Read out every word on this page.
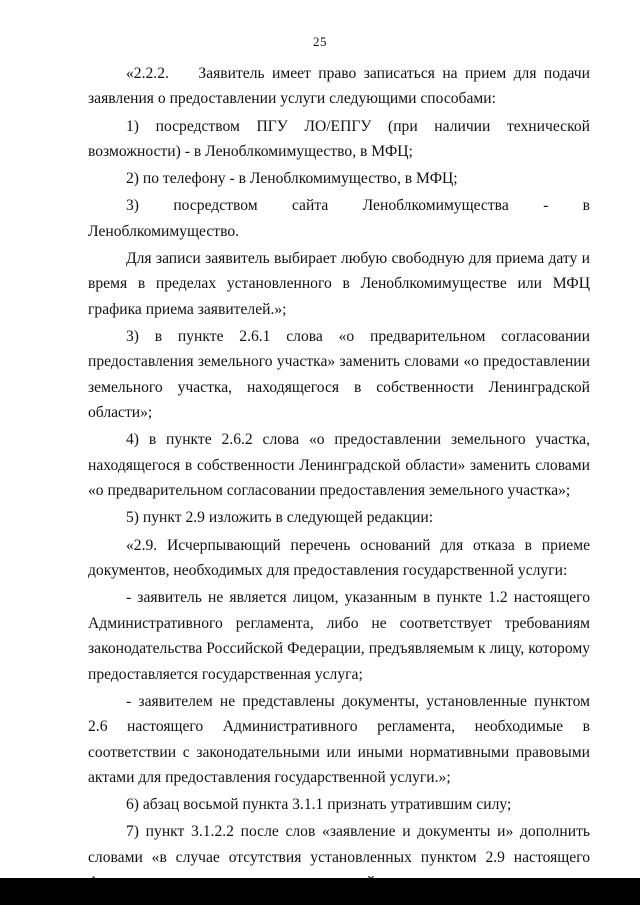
25

«2.2.2.    Заявитель имеет право записаться на прием для подачи заявления о предоставлении услуги следующими способами:

1)   посредством   ПГУ   ЛО/ЕПГУ   (при   наличии   технической возможности) - в Леноблкомимущество, в МФЦ;

2) по телефону - в Леноблкомимущество, в МФЦ;

3) посредством сайта Леноблкомимущества - в Леноблкомимущество.

Для записи заявитель выбирает любую свободную для приема дату и время в пределах установленного в Леноблкомимуществе или МФЦ графика приема заявителей.»;

3)   в   пункте   2.6.1   слова   «о   предварительном   согласовании предоставления земельного участка» заменить словами «о предоставлении земельного участка, находящегося в собственности Ленинградской области»;

4) в пункте 2.6.2 слова «о предоставлении земельного участка, находящегося в собственности Ленинградской области» заменить словами «о предварительном согласовании предоставления земельного участка»;

5) пункт 2.9 изложить в следующей редакции:

«2.9. Исчерпывающий перечень оснований для отказа в приеме документов, необходимых для предоставления государственной услуги:

- заявитель не является лицом, указанным в пункте 1.2 настоящего Административного регламента, либо не соответствует требованиям законодательства Российской Федерации, предъявляемым к лицу, которому предоставляется государственная услуга;

- заявителем не представлены документы, установленные пунктом 2.6 настоящего Административного регламента, необходимые в соответствии с законодательными или иными нормативными правовыми актами для предоставления государственной услуги.»;

6) абзац восьмой пункта 3.1.1 признать утратившим силу;

7) пункт 3.1.2.2 после слов «заявление и документы и» дополнить словами «в случае отсутствия установленных пунктом 2.9 настоящего
